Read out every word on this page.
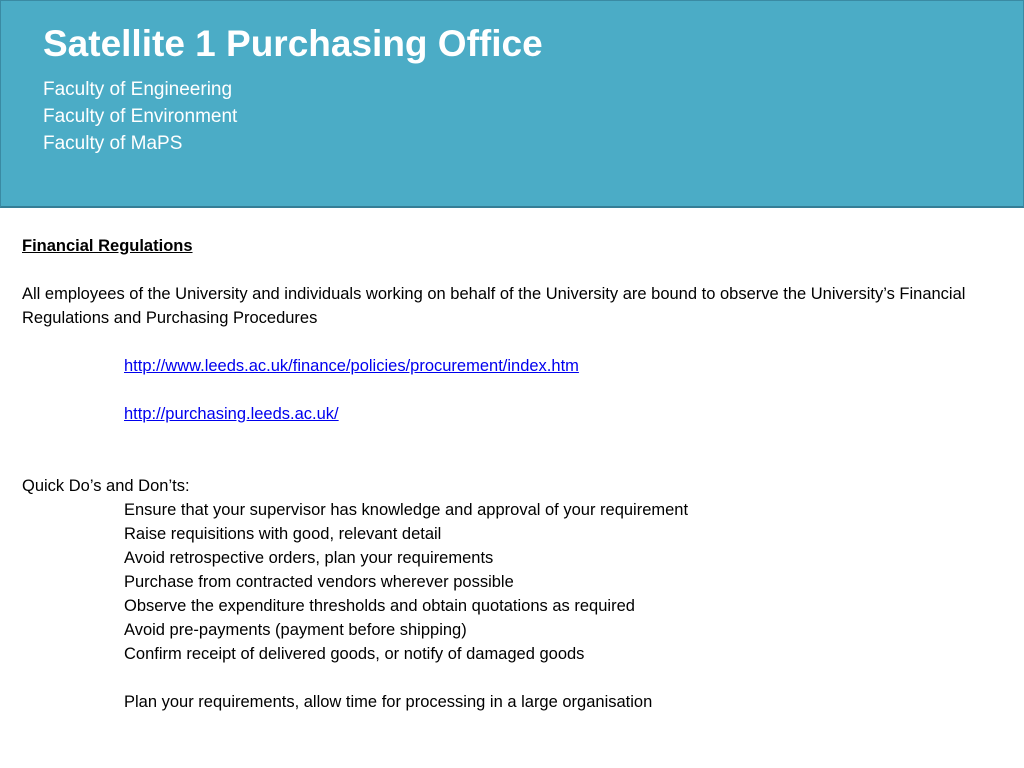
Satellite 1 Purchasing Office
Faculty of Engineering
Faculty of Environment
Faculty of MaPS

Financial Regulations

All employees of the University and individuals working on behalf of the University are bound to observe the University’s Financial Regulations and Purchasing Procedures

http://www.leeds.ac.uk/finance/policies/procurement/index.htm
http://purchasing.leeds.ac.uk/

Quick Do’s and Don’ts:

Ensure that your supervisor has knowledge and approval of your requirement
Raise requisitions with good, relevant detail
Avoid retrospective orders, plan your requirements
Purchase from contracted vendors wherever possible
Observe the expenditure thresholds and obtain quotations as required
Avoid pre-payments (payment before shipping)
Confirm receipt of delivered goods, or notify of damaged goods

Plan your requirements, allow time for processing in a large organisation
